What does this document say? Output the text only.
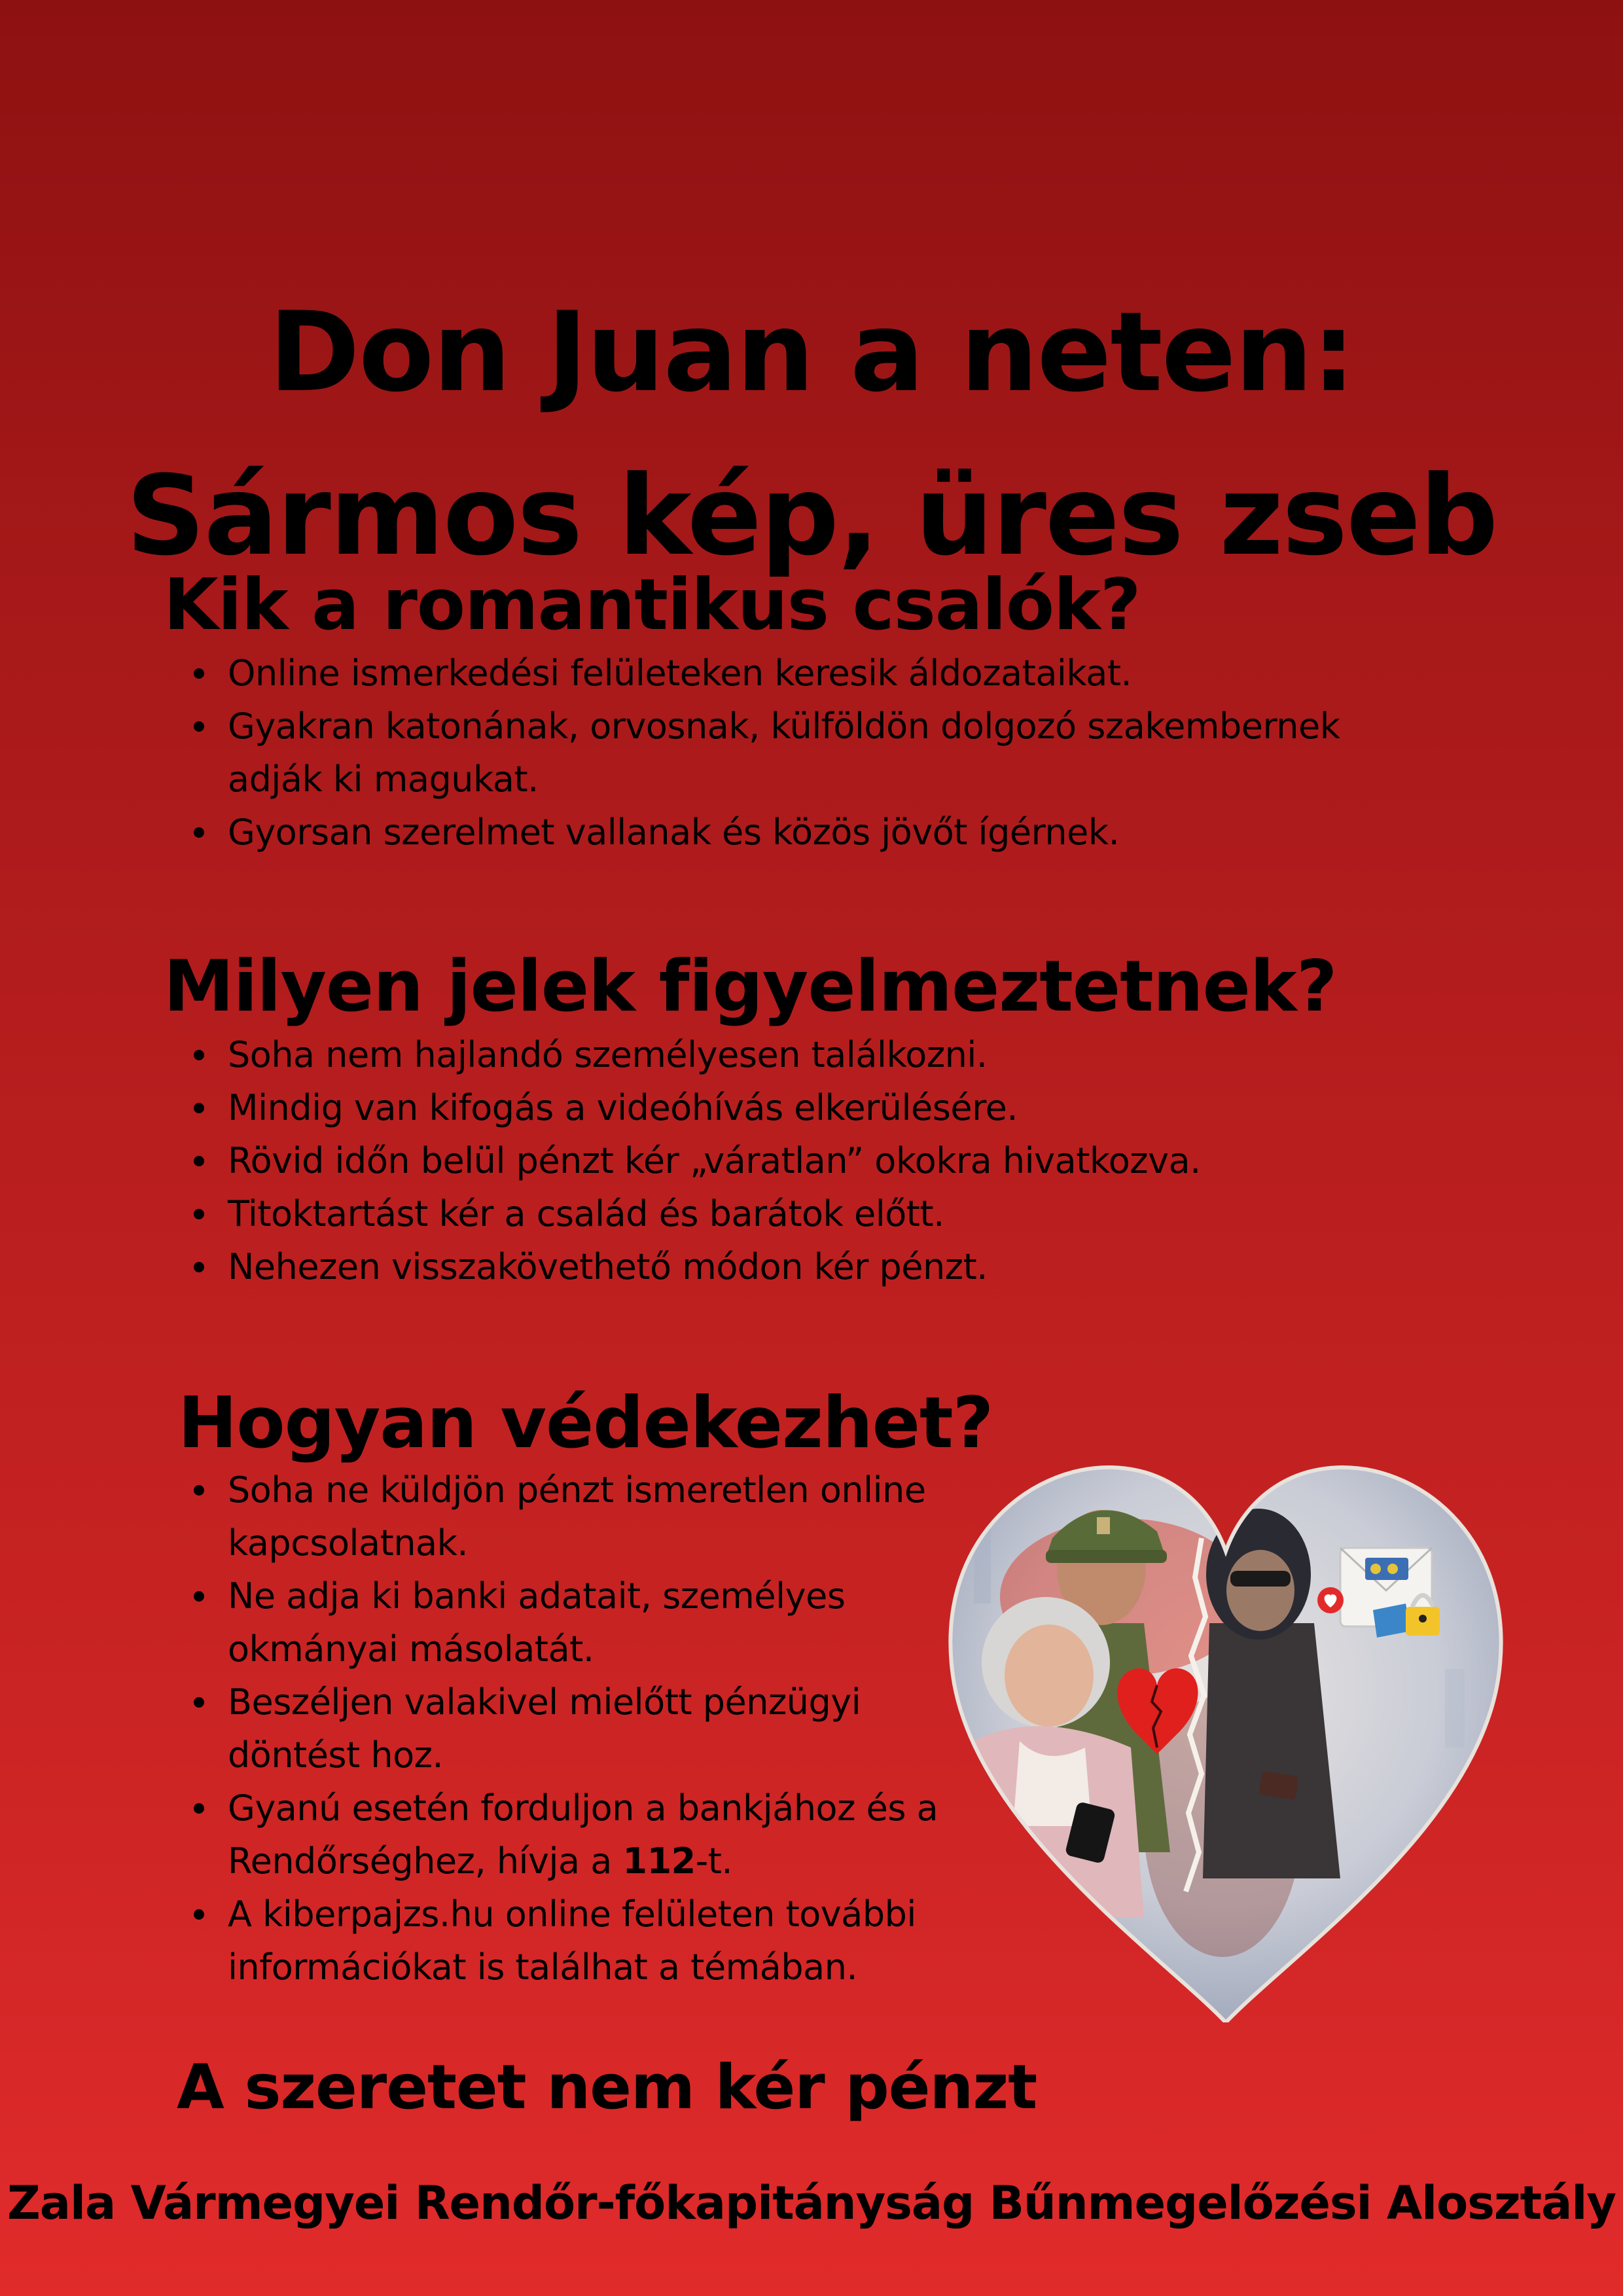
Don Juan a neten:
Sármos kép, üres zseb
Kik a romantikus csalók?
Online ismerkedési felületeken keresik áldozataikat.
Gyakran katonának, orvosnak, külföldön dolgozó szakembernek adják ki magukat.
Gyorsan szerelmet vallanak és közös jövőt ígérnek.
Milyen jelek figyelmeztetnek?
Soha nem hajlandó személyesen találkozni.
Mindig van kifogás a videóhívás elkerülésére.
Rövid időn belül pénzt kér „váratlan” okokra hivatkozva.
Titoktartást kér a család és barátok előtt.
Nehezen visszakövethető módon kér pénzt.
Hogyan védekezhet?
Soha ne küldjön pénzt ismeretlen online kapcsolatnak.
Ne adja ki banki adatait, személyes okmányai másolatát.
Beszéljen valakivel mielőtt pénzügyi döntést hoz.
Gyanú esetén forduljon a bankjához és a Rendőrséghez, hívja a 112-t.
A kiberpajzs.hu online felületen további információkat is találhat a témában.
A szeretet nem kér pénzt
Zala Vármegyei Rendőr-főkapitányság Bűnmegelőzési Alosztály
